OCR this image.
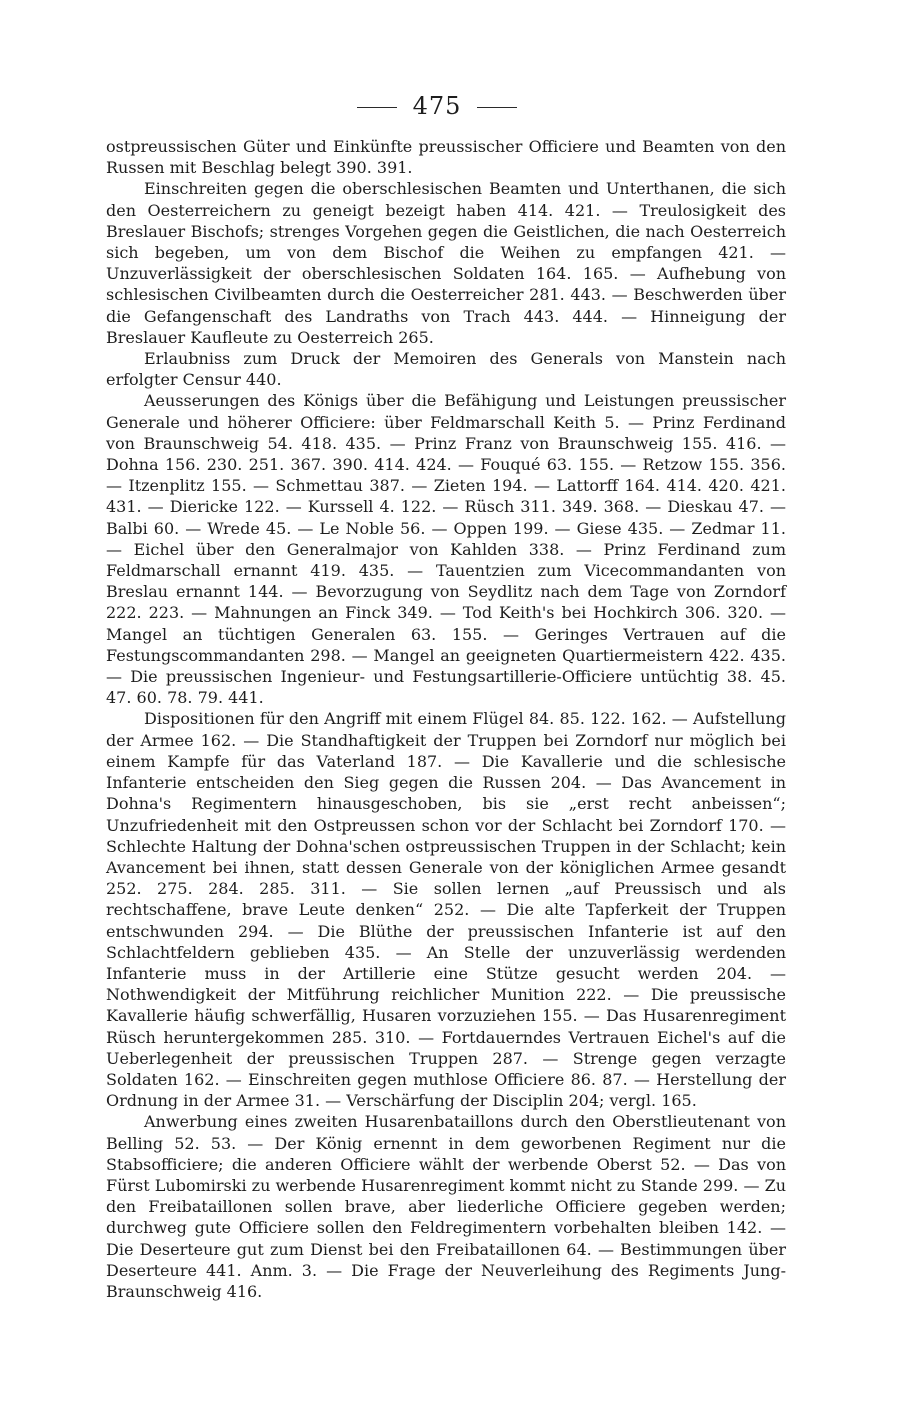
475

ostpreussischen Güter und Einkünfte preussischer Officiere und Beamten von den Russen mit Beschlag belegt 390. 391.

Einschreiten gegen die oberschlesischen Beamten und Unterthanen, die sich den Oesterreichern zu geneigt bezeigt haben 414. 421. — Treulosigkeit des Breslauer Bischofs; strenges Vorgehen gegen die Geistlichen, die nach Oesterreich sich begeben, um von dem Bischof die Weihen zu empfangen 421. — Unzuverlässigkeit der oberschlesischen Soldaten 164. 165. — Aufhebung von schlesischen Civilbeamten durch die Oesterreicher 281. 443. — Beschwerden über die Gefangenschaft des Landraths von Trach 443. 444. — Hinneigung der Breslauer Kaufleute zu Oesterreich 265.

Erlaubniss zum Druck der Memoiren des Generals von Manstein nach erfolgter Censur 440.

Aeusserungen des Königs über die Befähigung und Leistungen preussischer Generale und höherer Officiere: über Feldmarschall Keith 5. — Prinz Ferdinand von Braunschweig 54. 418. 435. — Prinz Franz von Braunschweig 155. 416. — Dohna 156. 230. 251. 367. 390. 414. 424. — Fouqué 63. 155. — Retzow 155. 356. — Itzenplitz 155. — Schmettau 387. — Zieten 194. — Lattorff 164. 414. 420. 421. 431. — Diericke 122. — Kurssell 4. 122. — Rüsch 311. 349. 368. — Dieskau 47. — Balbi 60. — Wrede 45. — Le Noble 56. — Oppen 199. — Giese 435. — Zedmar 11. — Eichel über den Generalmajor von Kahlden 338. — Prinz Ferdinand zum Feldmarschall ernannt 419. 435. — Tauentzien zum Vicecommandanten von Breslau ernannt 144. — Bevorzugung von Seydlitz nach dem Tage von Zorndorf 222. 223. — Mahnungen an Finck 349. — Tod Keith's bei Hochkirch 306. 320. — Mangel an tüchtigen Generalen 63. 155. — Geringes Vertrauen auf die Festungscommandanten 298. — Mangel an geeigneten Quartiermeistern 422. 435. — Die preussischen Ingenieur- und Festungsartillerie-Officiere untüchtig 38. 45. 47. 60. 78. 79. 441.

Dispositionen für den Angriff mit einem Flügel 84. 85. 122. 162. — Aufstellung der Armee 162. — Die Standhaftigkeit der Truppen bei Zorndorf nur möglich bei einem Kampfe für das Vaterland 187. — Die Kavallerie und die schlesische Infanterie entscheiden den Sieg gegen die Russen 204. — Das Avancement in Dohna's Regimentern hinausgeschoben, bis sie „erst recht anbeissen“; Unzufriedenheit mit den Ostpreussen schon vor der Schlacht bei Zorndorf 170. — Schlechte Haltung der Dohna'schen ostpreussischen Truppen in der Schlacht; kein Avancement bei ihnen, statt dessen Generale von der königlichen Armee gesandt 252. 275. 284. 285. 311. — Sie sollen lernen „auf Preussisch und als rechtschaffene, brave Leute denken“ 252. — Die alte Tapferkeit der Truppen entschwunden 294. — Die Blüthe der preussischen Infanterie ist auf den Schlachtfeldern geblieben 435. — An Stelle der unzuverlässig werdenden Infanterie muss in der Artillerie eine Stütze gesucht werden 204. — Nothwendigkeit der Mitführung reichlicher Munition 222. — Die preussische Kavallerie häufig schwerfällig, Husaren vorzuziehen 155. — Das Husarenregiment Rüsch heruntergekommen 285. 310. — Fortdauerndes Vertrauen Eichel's auf die Ueberlegenheit der preussischen Truppen 287. — Strenge gegen verzagte Soldaten 162. — Einschreiten gegen muthlose Officiere 86. 87. — Herstellung der Ordnung in der Armee 31. — Verschärfung der Disciplin 204; vergl. 165.

Anwerbung eines zweiten Husarenbataillons durch den Oberstlieutenant von Belling 52. 53. — Der König ernennt in dem geworbenen Regiment nur die Stabsofficiere; die anderen Officiere wählt der werbende Oberst 52. — Das von Fürst Lubomirski zu werbende Husarenregiment kommt nicht zu Stande 299. — Zu den Freibataillonen sollen brave, aber liederliche Officiere gegeben werden; durchweg gute Officiere sollen den Feldregimentern vorbehalten bleiben 142. — Die Deserteure gut zum Dienst bei den Freibataillonen 64. — Bestimmungen über Deserteure 441. Anm. 3. — Die Frage der Neuverleihung des Regiments Jung-Braunschweig 416.
